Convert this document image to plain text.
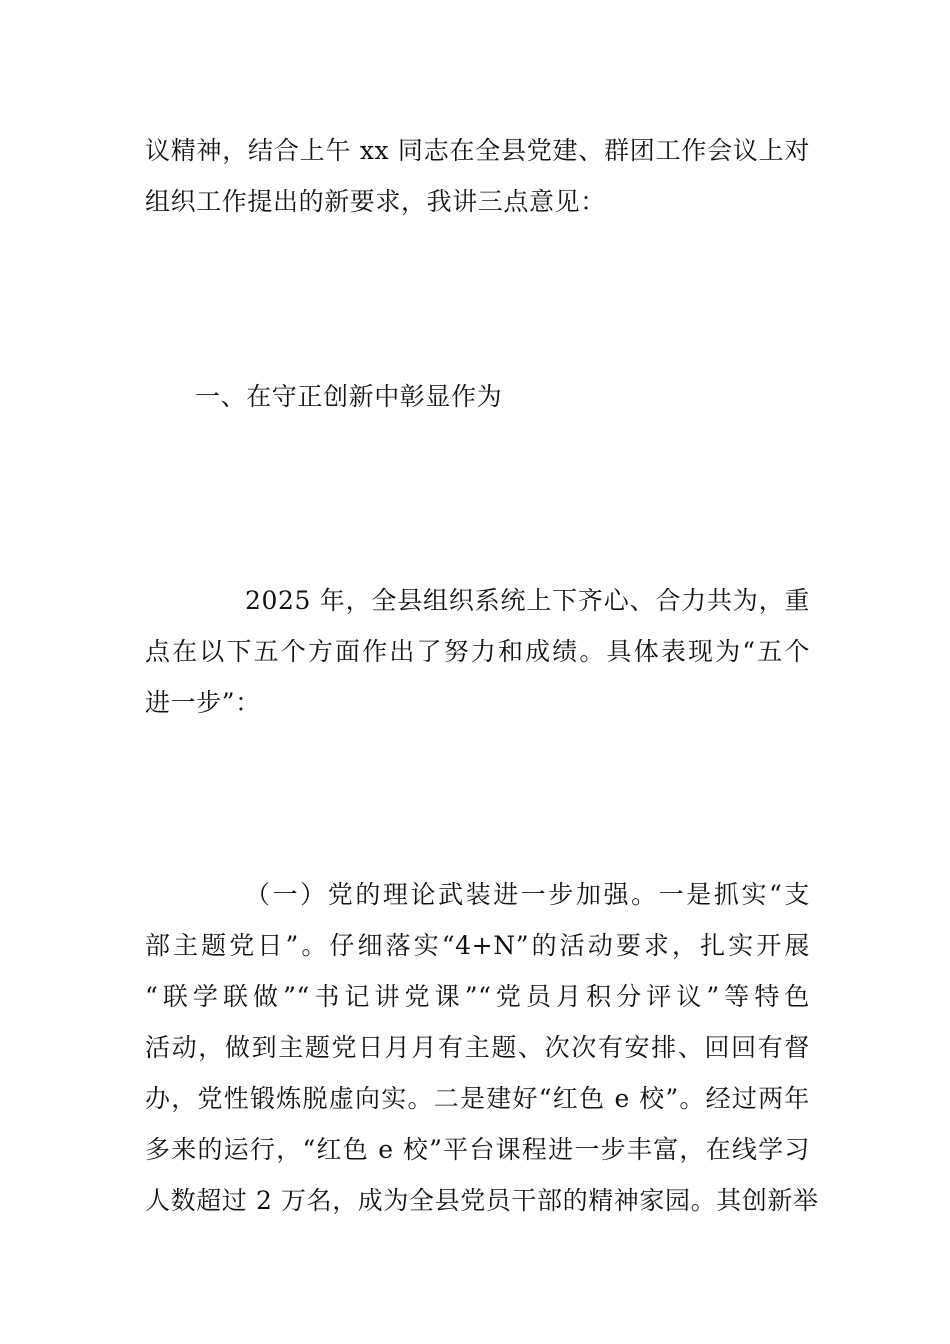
议精神，结合上午 xx 同志在全县党建、群团工作会议上对
组织工作提出的新要求，我讲三点意见：
一、在守正创新中彰显作为
2025 年，全县组织系统上下齐心、合力共为，重
点在以下五个方面作出了努力和成绩。具体表现为“五个
进一步”：
（一）党的理论武装进一步加强。一是抓实“支
部主题党日”。仔细落实“4+N”的活动要求，扎实开展
“联学联做”“书记讲党课”“党员月积分评议”等特色
活动，做到主题党日月月有主题、次次有安排、回回有督
办，党性锻炼脱虚向实。二是建好“红色 e 校”。经过两年
多来的运行，“红色 e 校”平台课程进一步丰富，在线学习
人数超过 2 万名，成为全县党员干部的精神家园。其创新举
